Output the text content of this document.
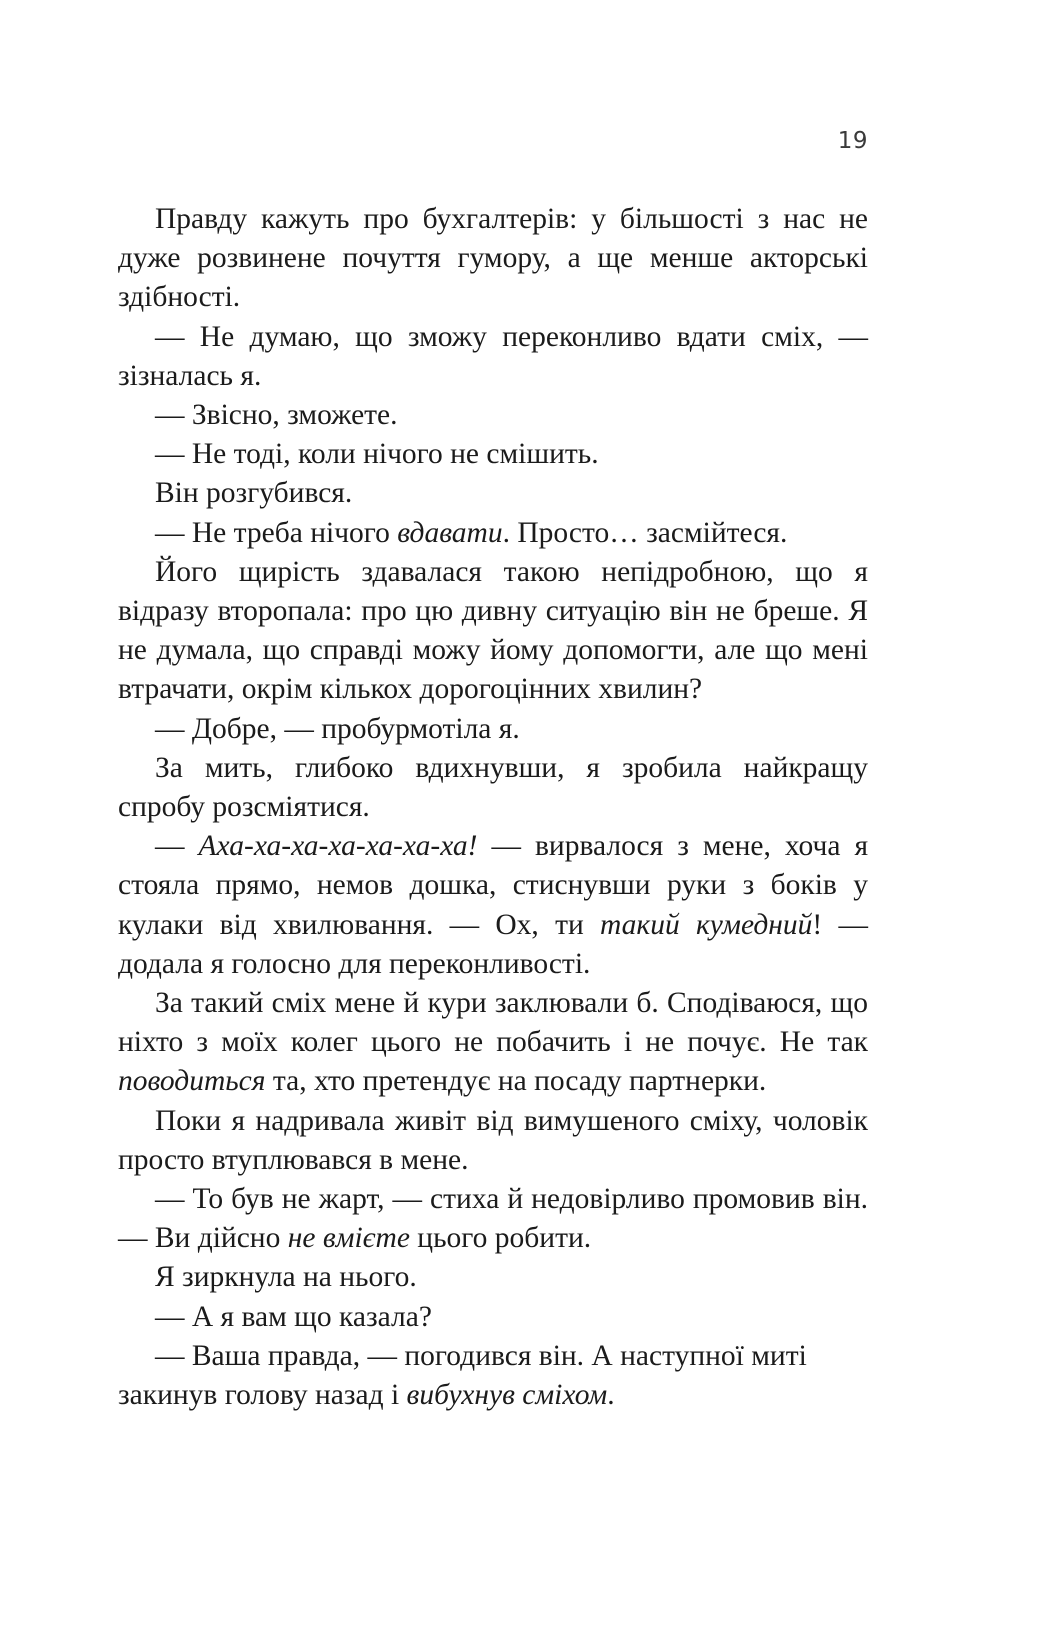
19

Правду кажуть про бухгалтерів: у більшості з нас не дуже розвинене почуття гумору, а ще менше акторські здібності.

— Не думаю, що зможу переконливо вдати сміх, — зізналась я.

— Звісно, зможете.

— Не тоді, коли нічого не смішить.

Він розгубився.

— Не треба нічого вдавати. Просто… засмійтеся.

Його щирість здавалася такою непідробною, що я відразу второпала: про цю дивну ситуацію він не бреше. Я не думала, що справді можу йому допомогти, але що мені втрачати, окрім кількох дорогоцінних хвилин?

— Добре, — пробурмотіла я.

За мить, глибоко вдихнувши, я зробила найкращу спробу розсміятися.

— Аха-ха-ха-ха-ха-ха-ха! — вирвалося з мене, хоча я стояла прямо, немов дошка, стиснувши руки з боків у кулаки від хвилювання. — Ох, ти такий кумедний! — додала я голосно для переконливості.

За такий сміх мене й кури заклювали б. Сподіваюся, що ніхто з моїх колег цього не побачить і не почує. Не так поводиться та, хто претендує на посаду партнерки.

Поки я надривала живіт від вимушеного сміху, чоловік просто втуплювався в мене.

— То був не жарт, — стиха й недовірливо промовив він. — Ви дійсно не вмієте цього робити.

Я зиркнула на нього.

— А я вам що казала?

— Ваша правда, — погодився він. А наступної миті закинув голову назад і вибухнув сміхом.
